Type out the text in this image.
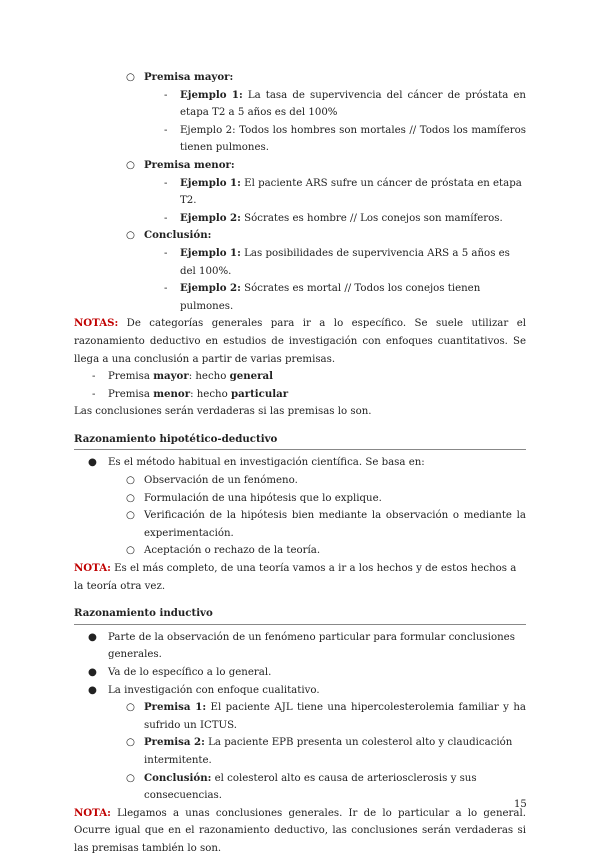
○ Premisa mayor:
- Ejemplo 1: La tasa de supervivencia del cáncer de próstata en etapa T2 a 5 años es del 100%
- Ejemplo 2: Todos los hombres son mortales // Todos los mamíferos tienen pulmones.
○ Premisa menor:
- Ejemplo 1: El paciente ARS sufre un cáncer de próstata en etapa T2.
- Ejemplo 2: Sócrates es hombre // Los conejos son mamíferos.
○ Conclusión:
- Ejemplo 1: Las posibilidades de supervivencia ARS a 5 años es del 100%.
- Ejemplo 2: Sócrates es mortal // Todos los conejos tienen pulmones.
NOTAS: De categorías generales para ir a lo específico. Se suele utilizar el razonamiento deductivo en estudios de investigación con enfoques cuantitativos. Se llega a una conclusión a partir de varias premisas.
- Premisa mayor: hecho general
- Premisa menor: hecho particular
Las conclusiones serán verdaderas si las premisas lo son.
Razonamiento hipotético-deductivo
● Es el método habitual en investigación científica. Se basa en:
○ Observación de un fenómeno.
○ Formulación de una hipótesis que lo explique.
○ Verificación de la hipótesis bien mediante la observación o mediante la experimentación.
○ Aceptación o rechazo de la teoría.
NOTA: Es el más completo, de una teoría vamos a ir a los hechos y de estos hechos a la teoría otra vez.
Razonamiento inductivo
● Parte de la observación de un fenómeno particular para formular conclusiones generales.
● Va de lo específico a lo general.
● La investigación con enfoque cualitativo.
○ Premisa 1: El paciente AJL tiene una hipercolesterolemia familiar y ha sufrido un ICTUS.
○ Premisa 2: La paciente EPB presenta un colesterol alto y claudicación intermitente.
○ Conclusión: el colesterol alto es causa de arteriosclerosis y sus consecuencias.
NOTA: Llegamos a unas conclusiones generales. Ir de lo particular a lo general. Ocurre igual que en el razonamiento deductivo, las conclusiones serán verdaderas si las premisas también lo son.
15
